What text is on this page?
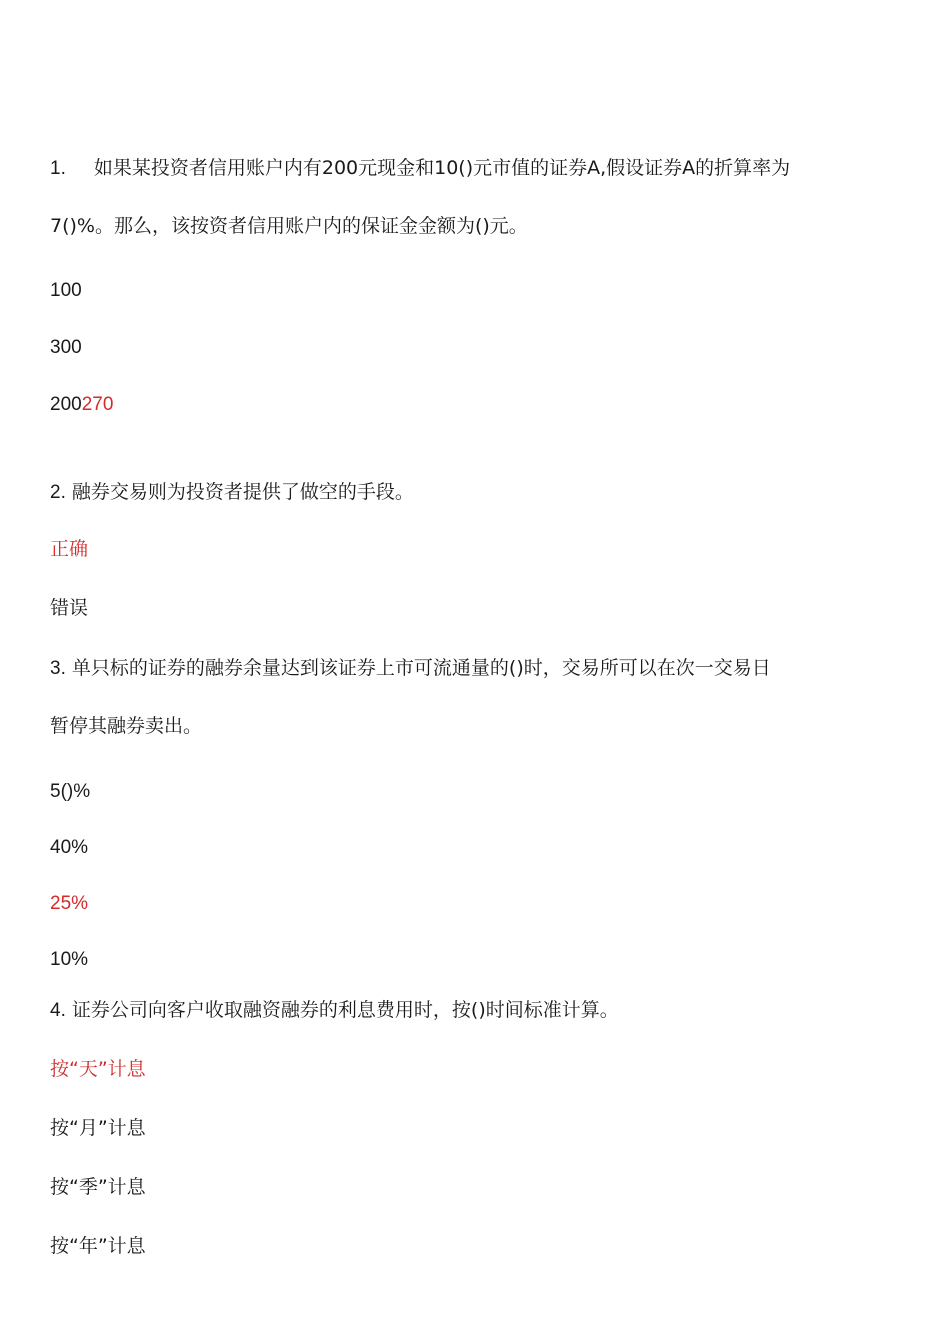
1. 如果某投资者信用账户内有200元现金和10()元市值的证券A,假设证券A的折算率为
7()%。那么，该按资者信用账户内的保证金金额为()元。
100
300
200270
2. 融券交易则为投资者提供了做空的手段。
正确
错误
3. 单只标的证券的融券余量达到该证券上市可流通量的()时，交易所可以在次一交易日
暂停其融券卖出。
5()%
40%
25%
10%
4. 证券公司向客户收取融资融券的利息费用时，按()时间标准计算。
按“天”计息
按“月”计息
按“季”计息
按“年”计息
